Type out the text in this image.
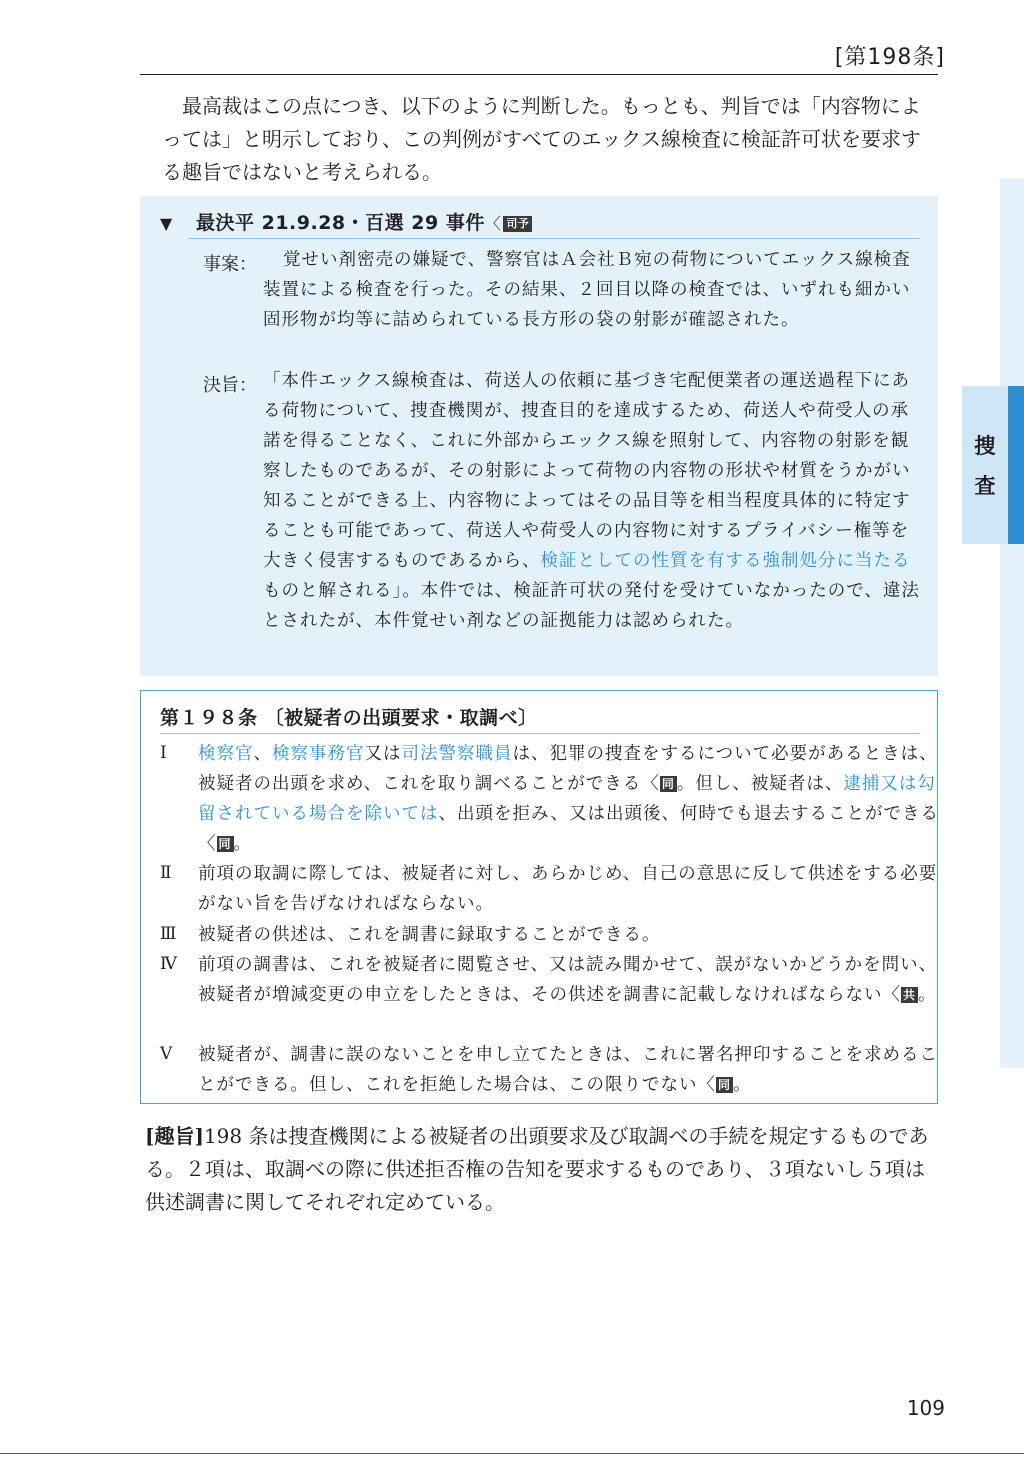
[第198条]

最高裁はこの点につき、以下のように判断した。もっとも、判旨では「内容物によっては」と明示しており、この判例がすべてのエックス線検査に検証許可状を要求する趣旨ではないと考えられる。

▼ 最決平 21.9.28・百選 29 事件〈 司予
事案：	覚せい剤密売の嫌疑で、警察官はＡ会社Ｂ宛の荷物についてエックス線検査装置による検査を行った。その結果、２回目以降の検査では、いずれも細かい固形物が均等に詰められている長方形の袋の射影が確認された。

決旨： 「本件エックス線検査は、荷送人の依頼に基づき宅配便業者の運送過程下にある荷物について、捜査機関が、捜査目的を達成するため、荷送人や荷受人の承諾を得ることなく、これに外部からエックス線を照射して、内容物の射影を観察したものであるが、その射影によって荷物の内容物の形状や材質をうかがい知ることができる上、内容物によってはその品目等を相当程度具体的に特定することも可能であって、荷送人や荷受人の内容物に対するプライバシー権等を大きく侵害するものであるから、検証としての性質を有する強制処分に当たるものと解される」。本件では、検証許可状の発付を受けていなかったので、違法とされたが、本件覚せい剤などの証拠能力は認められた。

第１９８条 〔被疑者の出頭要求・取調べ〕
Ⅰ	検察官、検察事務官又は司法警察職員は、犯罪の捜査をするについて必要があるときは、被疑者の出頭を求め、これを取り調べることができる〈 同 。但し、被疑者は、逮捕又は勾留されている場合を除いては、出頭を拒み、又は出頭後、何時でも退去することができる〈 同 。

Ⅱ	前項の取調に際しては、被疑者に対し、あらかじめ、自己の意思に反して供述をする必要がない旨を告げなければならない。

Ⅲ	被疑者の供述は、これを調書に録取することができる。

Ⅳ	前項の調書は、これを被疑者に閲覧させ、又は読み聞かせて、誤がないかどうかを問い、被疑者が増減変更の申立をしたときは、その供述を調書に記載しなければならない〈 共 。

Ⅴ	被疑者が、調書に誤のないことを申し立てたときは、これに署名押印することを求めることができる。但し、これを拒絶した場合は、この限りでない〈 同 。

[趣旨]198 条は捜査機関による被疑者の出頭要求及び取調べの手続を規定するものである。２項は、取調べの際に供述拒否権の告知を要求するものであり、３項ないし５項は供述調書に関してそれぞれ定めている。

捜
査
109
